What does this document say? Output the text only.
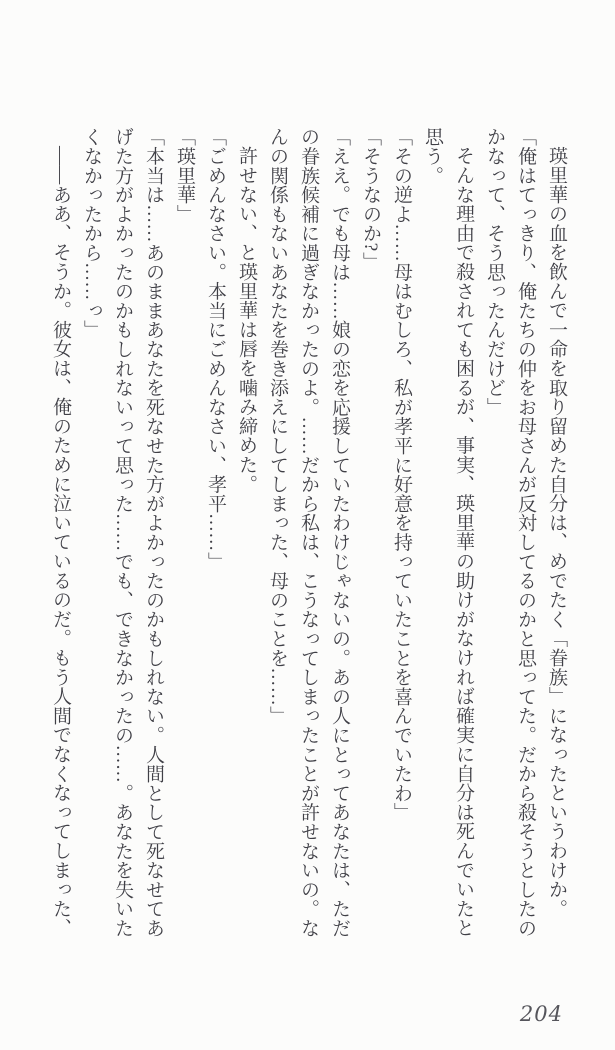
瑛里華の血を飲んで一命を取り留めた自分は、めでたく「眷族」になったというわけか。

「俺はてっきり、俺たちの仲をお母さんが反対してるのかと思ってた。だから殺そうとしたのかなって、そう思ったんだけど」

そんな理由で殺されても困るが、事実、瑛里華の助けがなければ確実に自分は死んでいたと思う。

「その逆よ……母はむしろ、私が孝平に好意を持っていたことを喜んでいたわ」

「そうなのか?」

「ええ。でも母は……娘の恋を応援していたわけじゃないの。あの人にとってあなたは、ただの眷族候補に過ぎなかったのよ。……だから私は、こうなってしまったことが許せないの。なんの関係もないあなたを巻き添えにしてしまった、母のことを……」

許せない、と瑛里華は唇を噛み締めた。

「ごめんなさい。本当にごめんなさい、孝平……」

「瑛里華」

「本当は……あのままあなたを死なせた方がよかったのかもしれない。人間として死なせてあげた方がよかったのかもしれないって思った……でも、できなかったの……。あなたを失いたくなかったから……っ」

――ああ、そうか。彼女は、俺のために泣いているのだ。もう人間でなくなってしまった、

204
